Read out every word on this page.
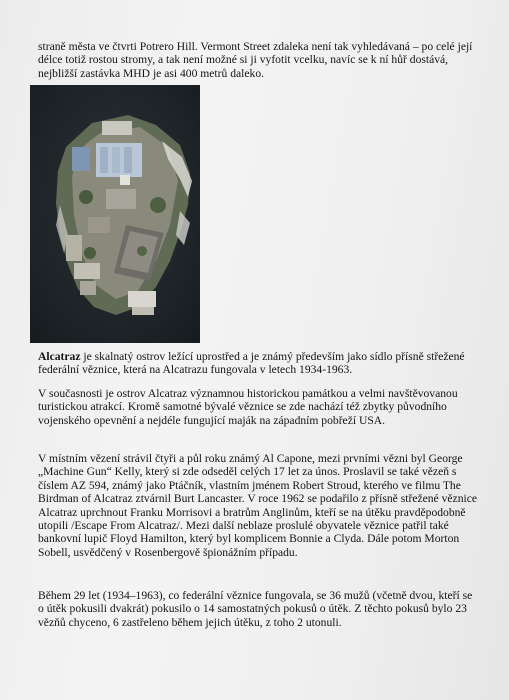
straně města ve čtvrti Potrero Hill. Vermont Street zdaleka není tak vyhledávaná – po celé její délce totiž rostou stromy, a tak není možné si ji vyfotit vcelku, navíc se k ní hůř dostává, nejbližší zastávka MHD je asi 400 metrů daleko.

Alcatraz je skalnatý ostrov ležící uprostřed a je známý především jako sídlo přísně střežené federální věznice, která na Alcatrazu fungovala v letech 1934-1963.

V současnosti je ostrov Alcatraz významnou historickou památkou a velmi navštěvovanou turistickou atrakcí. Kromě samotné bývalé věznice se zde nachází též zbytky původního vojenského opevnění a nejdéle fungující maják na západním pobřeží USA.

V místním vězení strávil čtyři a půl roku známý Al Capone, mezi prvními vězni byl George „Machine Gun“ Kelly, který si zde odseděl celých 17 let za únos. Proslavil se také vězeň s číslem AZ 594, známý jako Ptáčník, vlastním jménem Robert Stroud, kterého ve filmu The Birdman of Alcatraz ztvárnil Burt Lancaster. V roce 1962 se podařilo z přísně střežené věznice Alcatraz uprchnout Franku Morrisovi a bratrům Anglinům, kteří se na útěku pravděpodobně utopili /Escape From Alcatraz/. Mezi další neblaze proslulé obyvatele věznice patřil také bankovní lupič Floyd Hamilton, který byl komplicem Bonnie a Clyda. Dále potom Morton Sobell, usvědčený v Rosenbergově špionážním případu.

Během 29 let (1934–1963), co federální věznice fungovala, se 36 mužů (včetně dvou, kteří se o útěk pokusili dvakrát) pokusilo o 14 samostatných pokusů o útěk. Z těchto pokusů bylo 23 vězňů chyceno, 6 zastřeleno během jejich útěku, z toho 2 utonuli.
